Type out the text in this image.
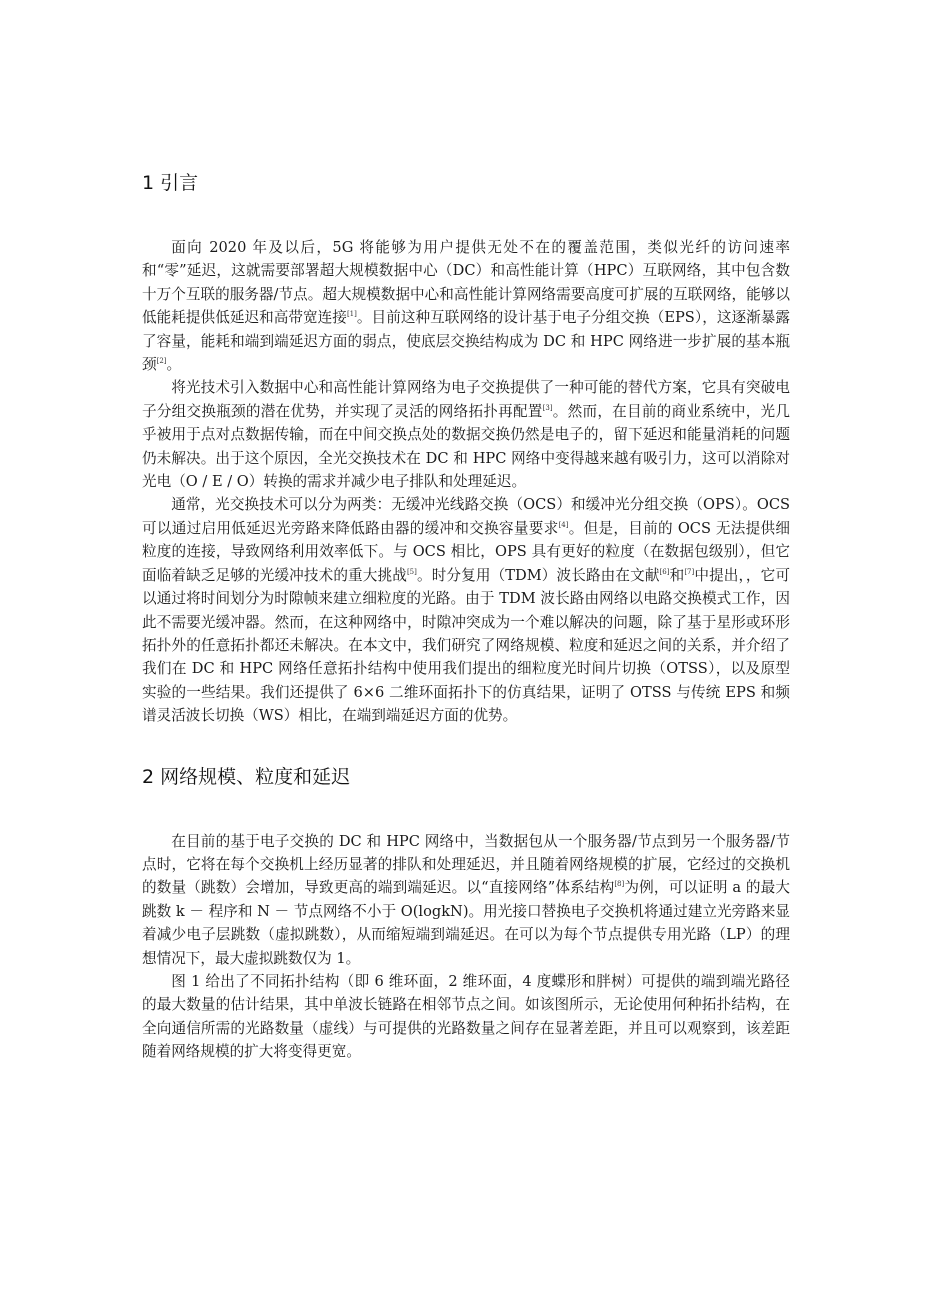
1 引言

面向 2020 年及以后，5G 将能够为用户提供无处不在的覆盖范围，类似光纤的访问速率和“零”延迟，这就需要部署超大规模数据中心（DC）和高性能计算（HPC）互联网络，其中包含数十万个互联的服务器/节点。超大规模数据中心和高性能计算网络需要高度可扩展的互联网络，能够以低能耗提供低延迟和高带宽连接[1]。目前这种互联网络的设计基于电子分组交换（EPS），这逐渐暴露了容量，能耗和端到端延迟方面的弱点，使底层交换结构成为 DC 和 HPC 网络进一步扩展的基本瓶颈[2]。

将光技术引入数据中心和高性能计算网络为电子交换提供了一种可能的替代方案，它具有突破电子分组交换瓶颈的潜在优势，并实现了灵活的网络拓扑再配置[3]。然而，在目前的商业系统中，光几乎被用于点对点数据传输，而在中间交换点处的数据交换仍然是电子的，留下延迟和能量消耗的问题仍未解决。出于这个原因，全光交换技术在 DC 和 HPC 网络中变得越来越有吸引力，这可以消除对光电（O / E / O）转换的需求并减少电子排队和处理延迟。

通常，光交换技术可以分为两类：无缓冲光线路交换（OCS）和缓冲光分组交换（OPS）。OCS 可以通过启用低延迟光旁路来降低路由器的缓冲和交换容量要求[4]。但是，目前的 OCS 无法提供细粒度的连接，导致网络利用效率低下。与 OCS 相比，OPS 具有更好的粒度（在数据包级别），但它面临着缺乏足够的光缓冲技术的重大挑战[5]。时分复用（TDM）波长路由在文献[6]和[7]中提出，，它可以通过将时间划分为时隙帧来建立细粒度的光路。由于 TDM 波长路由网络以电路交换模式工作，因此不需要光缓冲器。然而，在这种网络中，时隙冲突成为一个难以解决的问题，除了基于星形或环形拓扑外的任意拓扑都还未解决。在本文中，我们研究了网络规模、粒度和延迟之间的关系，并介绍了我们在 DC 和 HPC 网络任意拓扑结构中使用我们提出的细粒度光时间片切换（OTSS），以及原型实验的一些结果。我们还提供了 6×6 二维环面拓扑下的仿真结果，证明了 OTSS 与传统 EPS 和频谱灵活波长切换（WS）相比，在端到端延迟方面的优势。

2 网络规模、粒度和延迟

在目前的基于电子交换的 DC 和 HPC 网络中，当数据包从一个服务器/节点到另一个服务器/节点时，它将在每个交换机上经历显著的排队和处理延迟，并且随着网络规模的扩展，它经过的交换机的数量（跳数）会增加，导致更高的端到端延迟。以“直接网络”体系结构[8]为例，可以证明 a 的最大跳数 k － 程序和 N － 节点网络不小于 O(logkN)。用光接口替换电子交换机将通过建立光旁路来显着减少电子层跳数（虚拟跳数），从而缩短端到端延迟。在可以为每个节点提供专用光路（LP）的理想情况下，最大虚拟跳数仅为 1。

图 1 给出了不同拓扑结构（即 6 维环面，2 维环面，4 度蝶形和胖树）可提供的端到端光路径的最大数量的估计结果，其中单波长链路在相邻节点之间。如该图所示，无论使用何种拓扑结构，在全向通信所需的光路数量（虚线）与可提供的光路数量之间存在显著差距，并且可以观察到，该差距随着网络规模的扩大将变得更宽。
